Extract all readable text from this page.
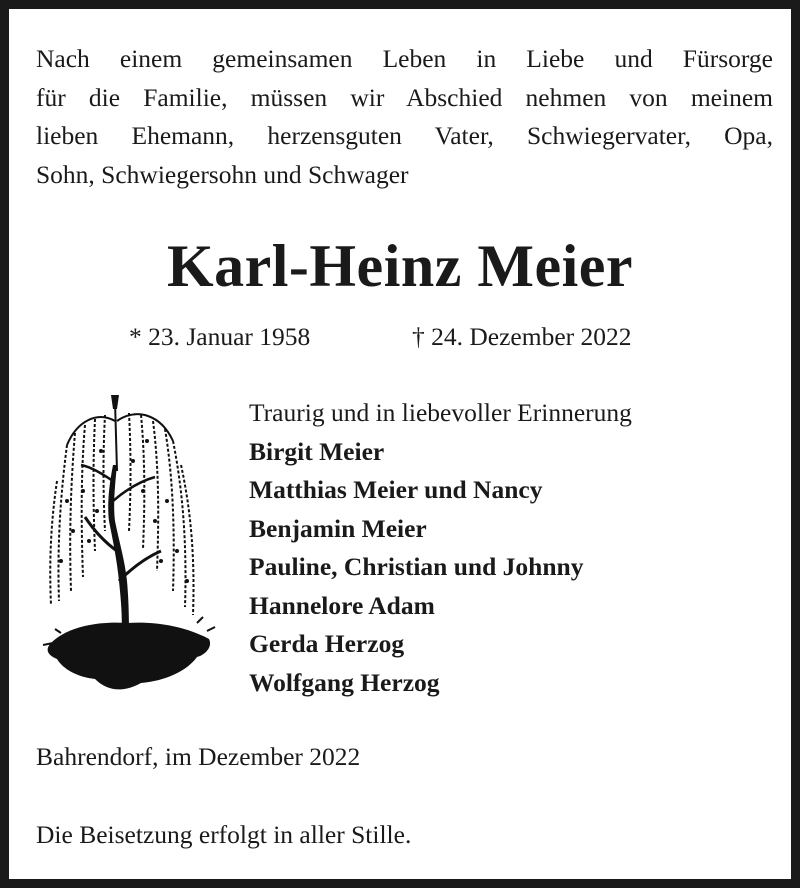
Nach einem gemeinsamen Leben in Liebe und Fürsorge
für die Familie, müssen wir Abschied nehmen von meinem
lieben Ehemann, herzensguten Vater, Schwiegervater, Opa,
Sohn, Schwiegersohn und Schwager

Karl-Heinz Meier
* 23. Januar 1958	† 24. Dezember 2022
Traurig und in liebevoller Erinnerung
Birgit Meier
Matthias Meier und Nancy
Benjamin Meier
Pauline, Christian und Johnny
Hannelore Adam
Gerda Herzog
Wolfgang Herzog
Bahrendorf, im Dezember 2022
Die Beisetzung erfolgt in aller Stille.
